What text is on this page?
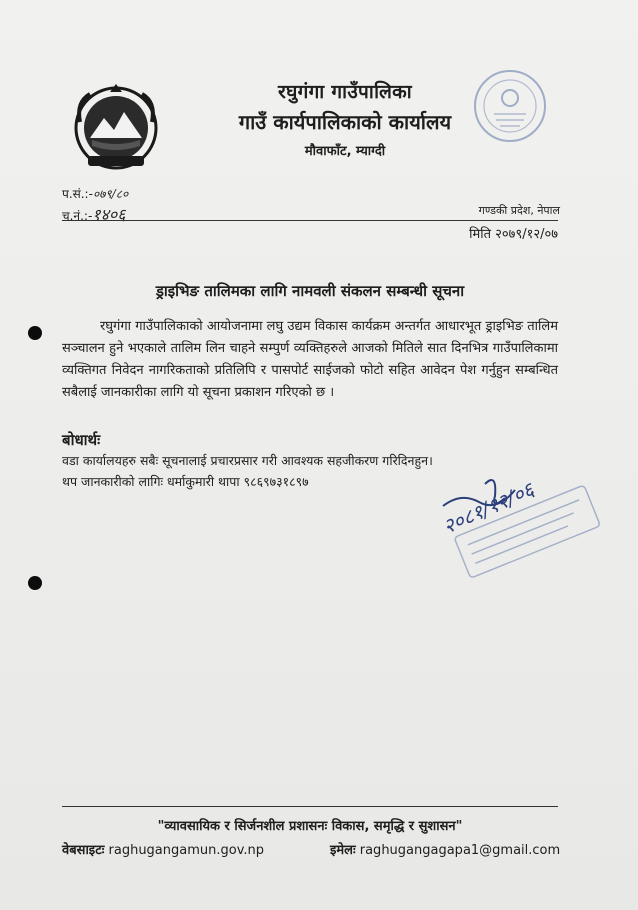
रघुगंगा गाउँपालिका
गाउँ कार्यपालिकाको कार्यालय
मौवाफाँट, म्याग्दी
प.सं.:-०७९/८०
च.नं.:-१४०६	गण्डकी प्रदेश, नेपाल
मिति २०७९/१२/०७
ड्राइभिङ तालिमका लागि नामवली संकलन सम्बन्धी सूचना
रघुगंगा गाउँपालिकाको आयोजनामा लघु उद्यम विकास कार्यक्रम अन्तर्गत आधारभूत ड्राइभिङ तालिम सञ्चालन हुने भएकाले तालिम लिन चाहने सम्पुर्ण व्यक्तिहरुले आजको मितिले सात दिनभित्र गाउँपालिकामा व्यक्तिगत निवेदन नागरिकताको प्रतिलिपि र पासपोर्ट साईजको फोटो सहित आवेदन पेश गर्नुहुन सम्बन्धित सबैलाई जानकारीका लागि यो सूचना प्रकाशन गरिएको छ ।
बोधार्थः
वडा कार्यालयहरु सबैः सूचनालाई प्रचारप्रसार गरी आवश्यक सहजीकरण गरिदिनहुन।
थप जानकारीको लागिः धर्माकुमारी थापा ९८६९७३१८९७	२०८१/१२/०६
"व्यावसायिक र सिर्जनशील प्रशासनः विकास, समृद्धि र सुशासन"
वेबसाइटः raghugangamun.gov.np	इमेलः raghugangagapa1@gmail.com
